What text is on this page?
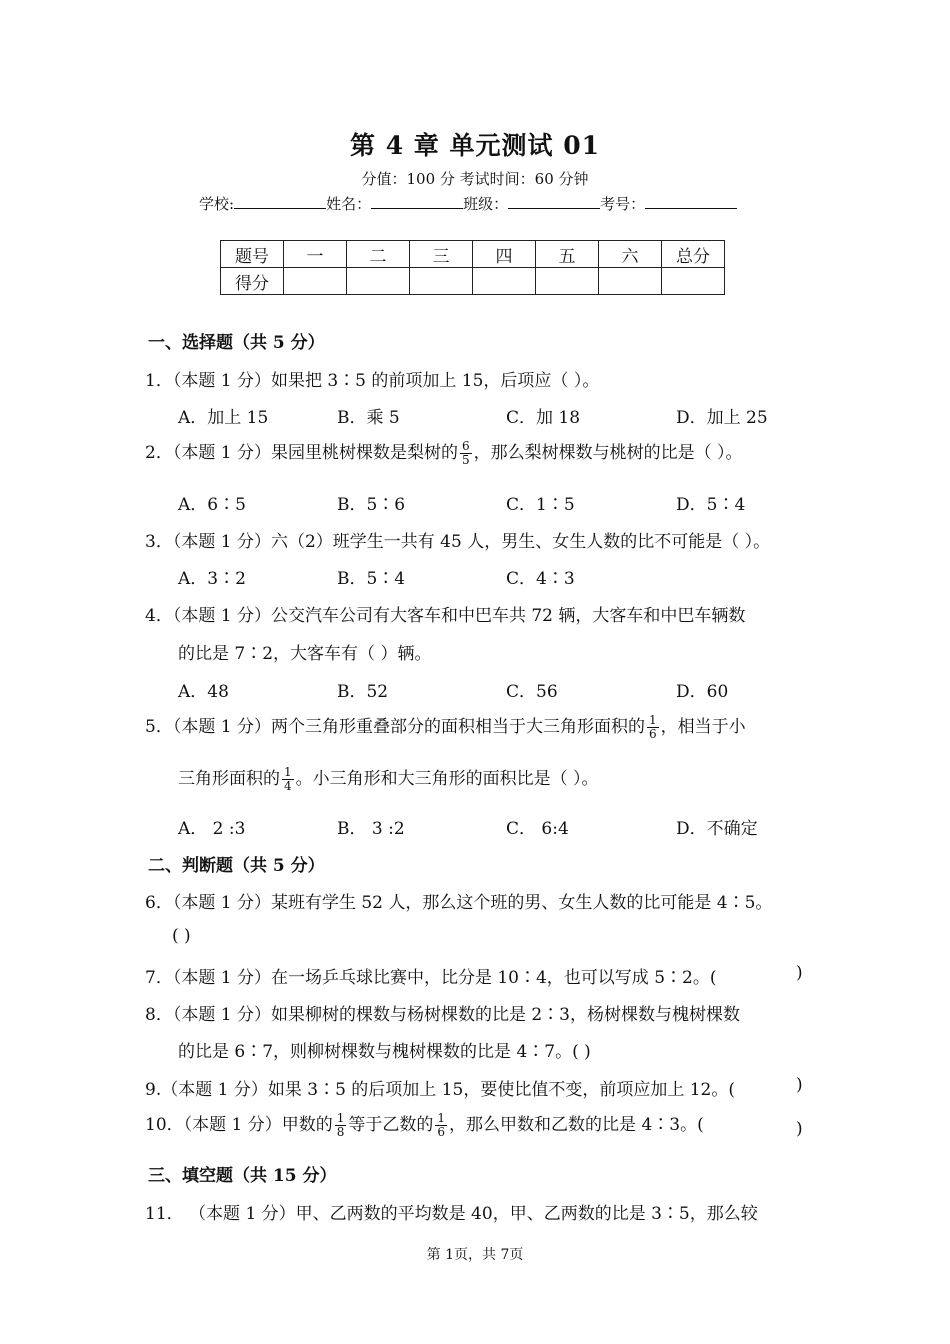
第 4 章 单元测试 01
分值：100 分 考试时间：60 分钟
学校:	姓名：	班级：	考号：
题号	一	二	三	四	五	六	总分
得分							
一、选择题（共 5 分）
1．（本题 1 分）如果把 3∶5 的前项加上 15，后项应（ ）。
A．加上 15	B．乘 5	C．加 18	D．加上 25
2．（本题 1 分）果园里桃树棵数是梨树的 $\frac{6}{5}$ ，那么梨树棵数与桃树的比是（ ）。
A．6∶5	B．5∶6	C．1∶5	D．5∶4
3．（本题 1 分）六（2）班学生一共有 45 人，男生、女生人数的比不可能是（ ）。
A．3∶2	B．5∶4	C．4∶3
4．（本题 1 分）公交汽车公司有大客车和中巴车共 72 辆，大客车和中巴车辆数
的比是 7∶2，大客车有（ ）辆。
A．48	B．52	C．56	D．60
5．（本题 1 分）两个三角形重叠部分的面积相当于大三角形面积的 $\frac{1}{6}$ ，相当于小
三角形面积的 $\frac{1}{4}$ 。小三角形和大三角形的面积比是（ ）。
A． 2 :3	B． 3 :2	C． 6:4	D．不确定
二、判断题（共 5 分）
6．（本题 1 分）某班有学生 52 人，那么这个班的男、女生人数的比可能是 4∶5。
( )
7．（本题 1 分）在一场乒乓球比赛中，比分是 10∶4，也可以写成 5∶2。(	)
8．（本题 1 分）如果柳树的棵数与杨树棵数的比是 2∶3，杨树棵数与槐树棵数
的比是 6∶7，则柳树棵数与槐树棵数的比是 4∶7。( )
9.（本题 1 分）如果 3∶5 的后项加上 15，要使比值不变，前项应加上 12。(	)
10．（本题 1 分）甲数的 $\frac{1}{8}$ 等于乙数的 $\frac{1}{6}$ ，那么甲数和乙数的比是 4∶3。(	)
三、填空题（共 15 分）
11． （本题 1 分）甲、乙两数的平均数是 40，甲、乙两数的比是 3∶5，那么较
第 1页，共 7页
